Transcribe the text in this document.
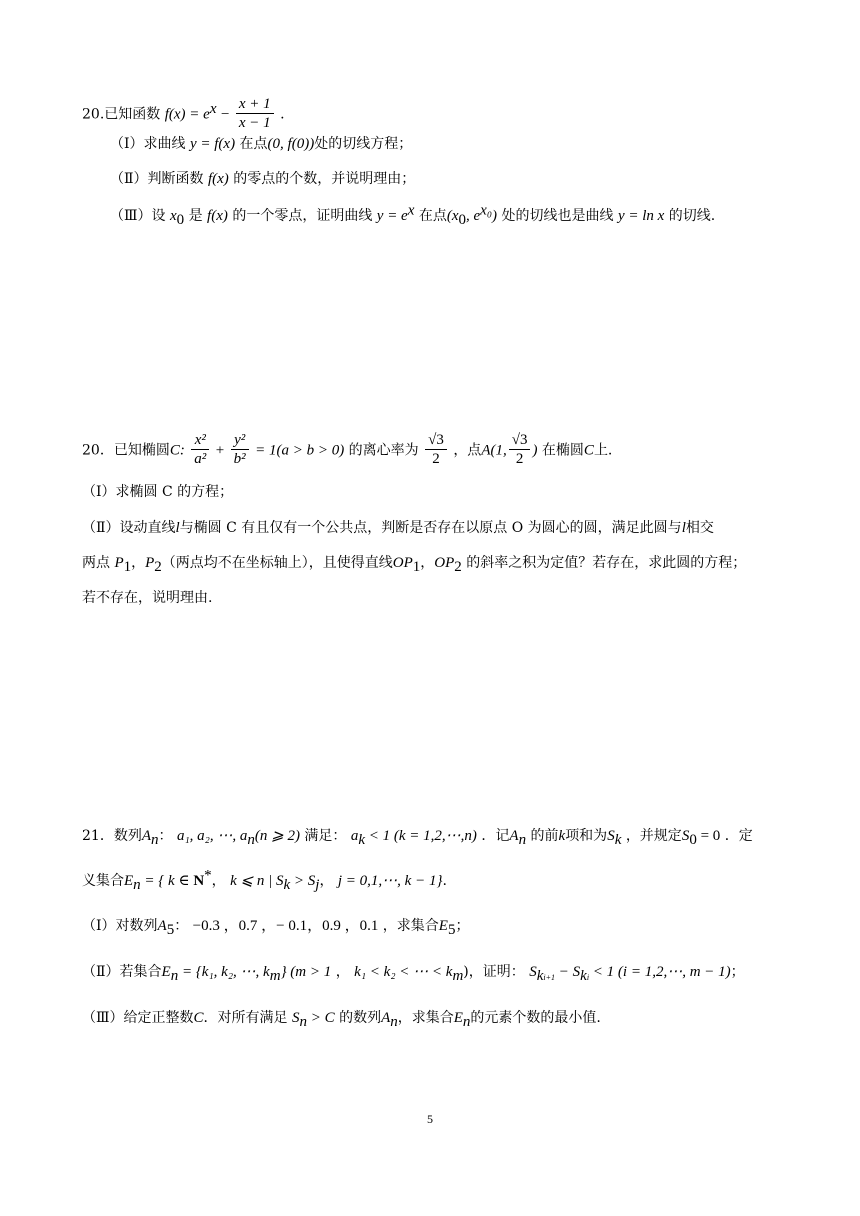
20.已知函数 $f(x) = e^x - \frac{x + 1}{x - 1}$ .
（Ⅰ）求曲线 y = f(x) 在点(0, f(0))处的切线方程；
（Ⅱ）判断函数 f(x) 的零点的个数，并说明理由；
（Ⅲ）设 $x_0$ 是 f(x) 的一个零点，证明曲线 $y = e^x$ 在点($x_0$, $e^{x_0}$) 处的切线也是曲线 y = ln x 的切线.
20．已知椭圆C: $\frac{\text{x²}}{\text{a²}} + \frac{\text{y²}}{\text{b²}} = 1(a > b > 0)$ 的离心率为 $\frac{√3}{2}$ ，点A(1, $\frac{√3}{2}$ ) 在椭圆C上.
（Ⅰ）求椭圆 C 的方程；
（Ⅱ）设动直线l与椭圆 C 有且仅有一个公共点，判断是否存在以原点 O 为圆心的圆，满足此圆与l相交
两点 $P_1$，$P_2$（两点均不在坐标轴上），且使得直线$OP_1$，$OP_2$ 的斜率之积为定值？若存在，求此圆的方程；
若不存在，说明理由.
21．数列$A_n$： a₁, a₂, ⋯, $a_n(n$ ⩾ 2) 满足： $a_k < 1$ (k = 1,2,⋯,n) ．记$A_n$ 的前k项和为$S_k$ ，并规定$S_0 = 0$ ．定
义集合$E_n$ = { k ∈ N*， k ⩽ n | $S_k > S_j$， j = 0,1,⋯, k − 1}.
（Ⅰ）对数列$A_5$： −0.3 ，0.7 ，− 0.1，0.9 ，0.1 ，求集合$E_5$；
（Ⅱ）若集合$E_n = \{k_1$, k₂, ⋯, $k_m$} (m > 1 ， k₁ < k₂ < ⋯ < $k_m$)，证明： $S_{ki+1} - S_{ki} < 1$ (i = 1,2,⋯, m − 1)；
（Ⅲ）给定正整数C．对所有满足 $S_n > C$ 的数列$A_n$，求集合$E_n$的元素个数的最小值.
5
